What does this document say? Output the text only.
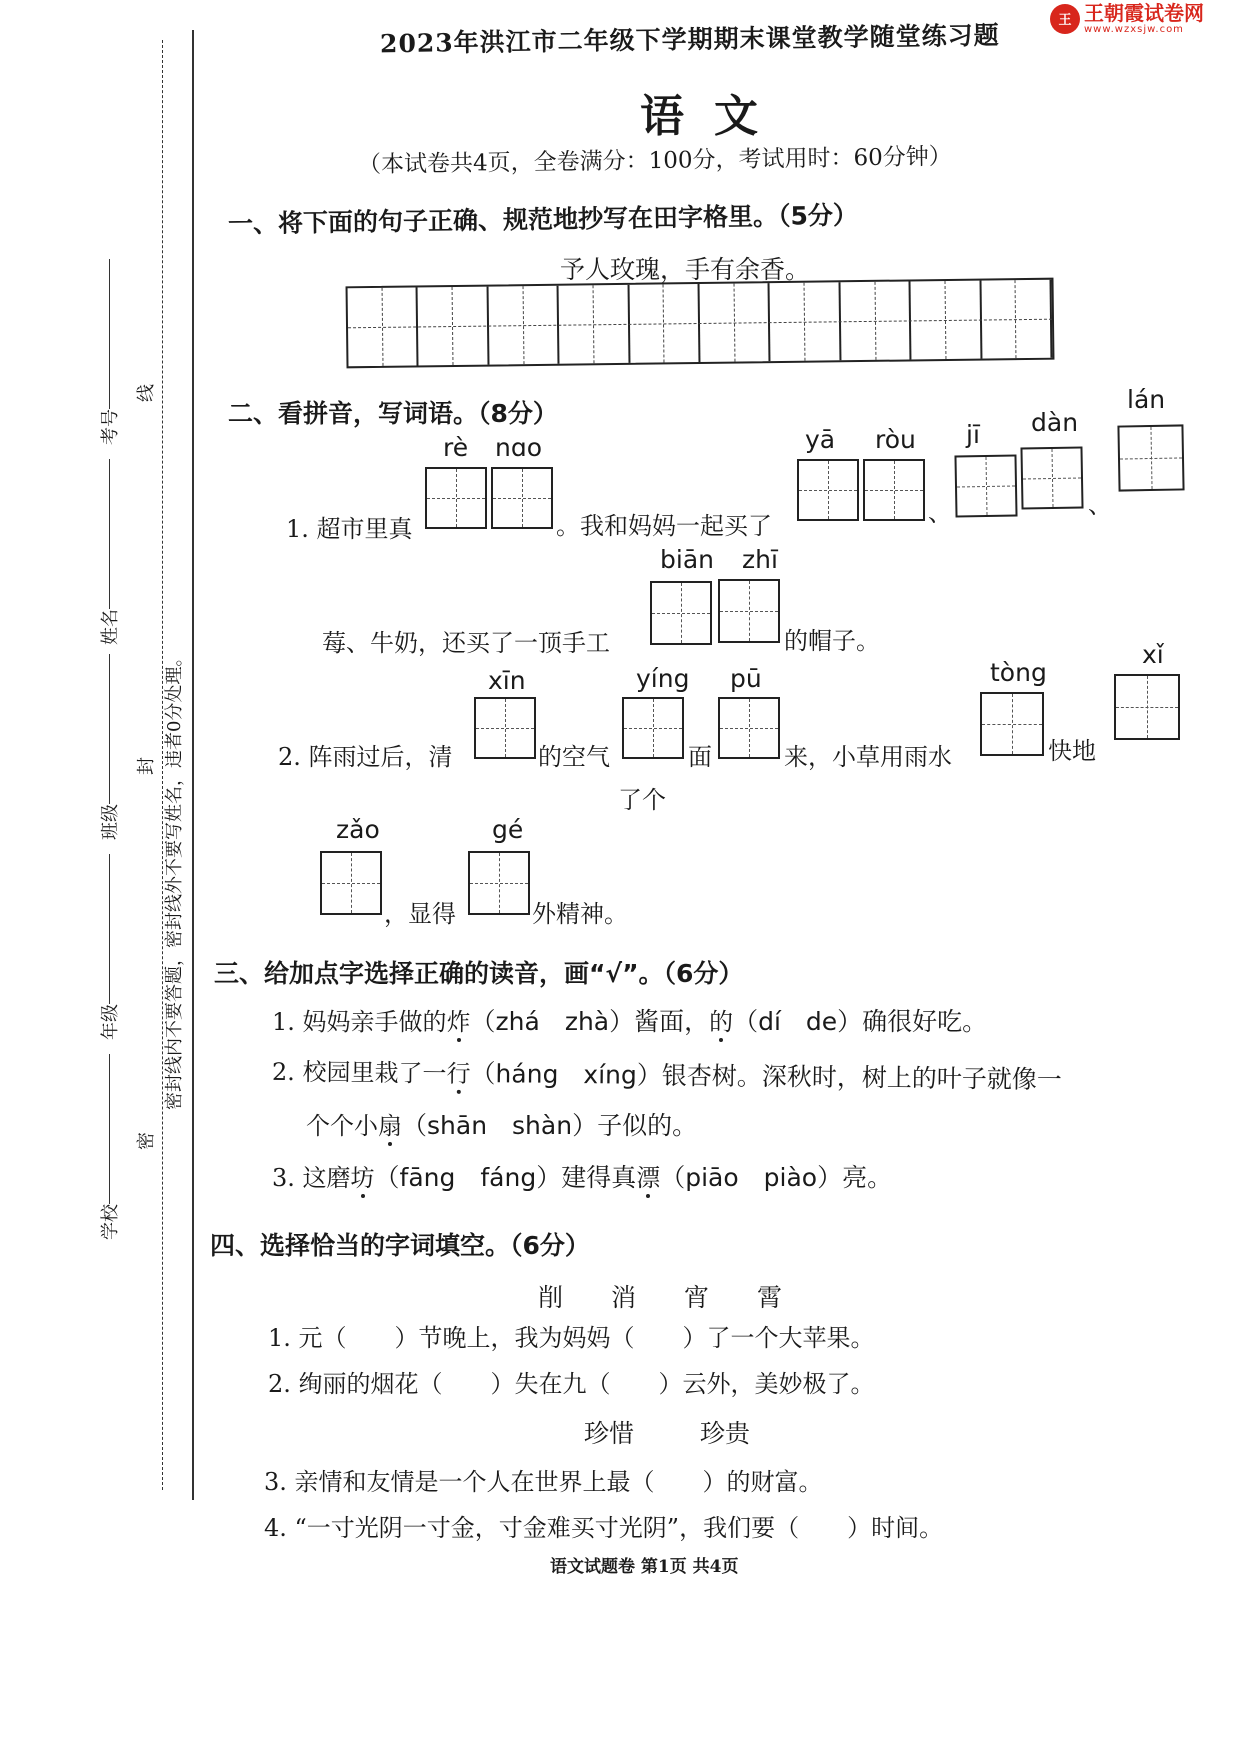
王 王朝霞试卷网
www.wzxsjw.com
密封线内不要答题，密封线外不要写姓名，违者0分处理。
线
封
密
考号
姓名
班级
年级
学校
2023年洪江市二年级下学期期末课堂教学随堂练习题
语文
（本试卷共4页，全卷满分：100分，考试用时：60分钟）
一、将下面的句子正确、规范地抄写在田字格里。（5分）
予人玫瑰，手有余香。
二、看拼音，写词语。（8分）
rè nɑo	yā ròu jī dàn
lán
1. 超市里真	。我和妈妈一起买了	、	、
biān zhī
莓、牛奶，还买了一顶手工	的帽子。
xīn	yíng pū	tòng
xǐ
2. 阵雨过后，清	的空气	面	来，小草用雨水	快地
了个
zǎo	gé
，显得	外精神。
三、给加点字选择正确的读音，画“√”。（6分）
1. 妈妈亲手做的炸（zhá　zhà）酱面，的（dí　de）确很好吃。
2. 校园里栽了一行（háng　xíng）银杏树。深秋时，树上的叶子就像一
个个小扇（shān　shàn）子似的。
3. 这磨坊（fāng　fáng）建得真漂（piāo　piào）亮。
四、选择恰当的字词填空。（6分）
削 消 宵 霄
1. 元（　　）节晚上，我为妈妈（　　）了一个大苹果。
2. 绚丽的烟花（　　）失在九（　　）云外，美妙极了。
珍惜	珍贵
3. 亲情和友情是一个人在世界上最（　　）的财富。
4. “一寸光阴一寸金，寸金难买寸光阴”，我们要（　　）时间。
语文试题卷 第1页 共4页
